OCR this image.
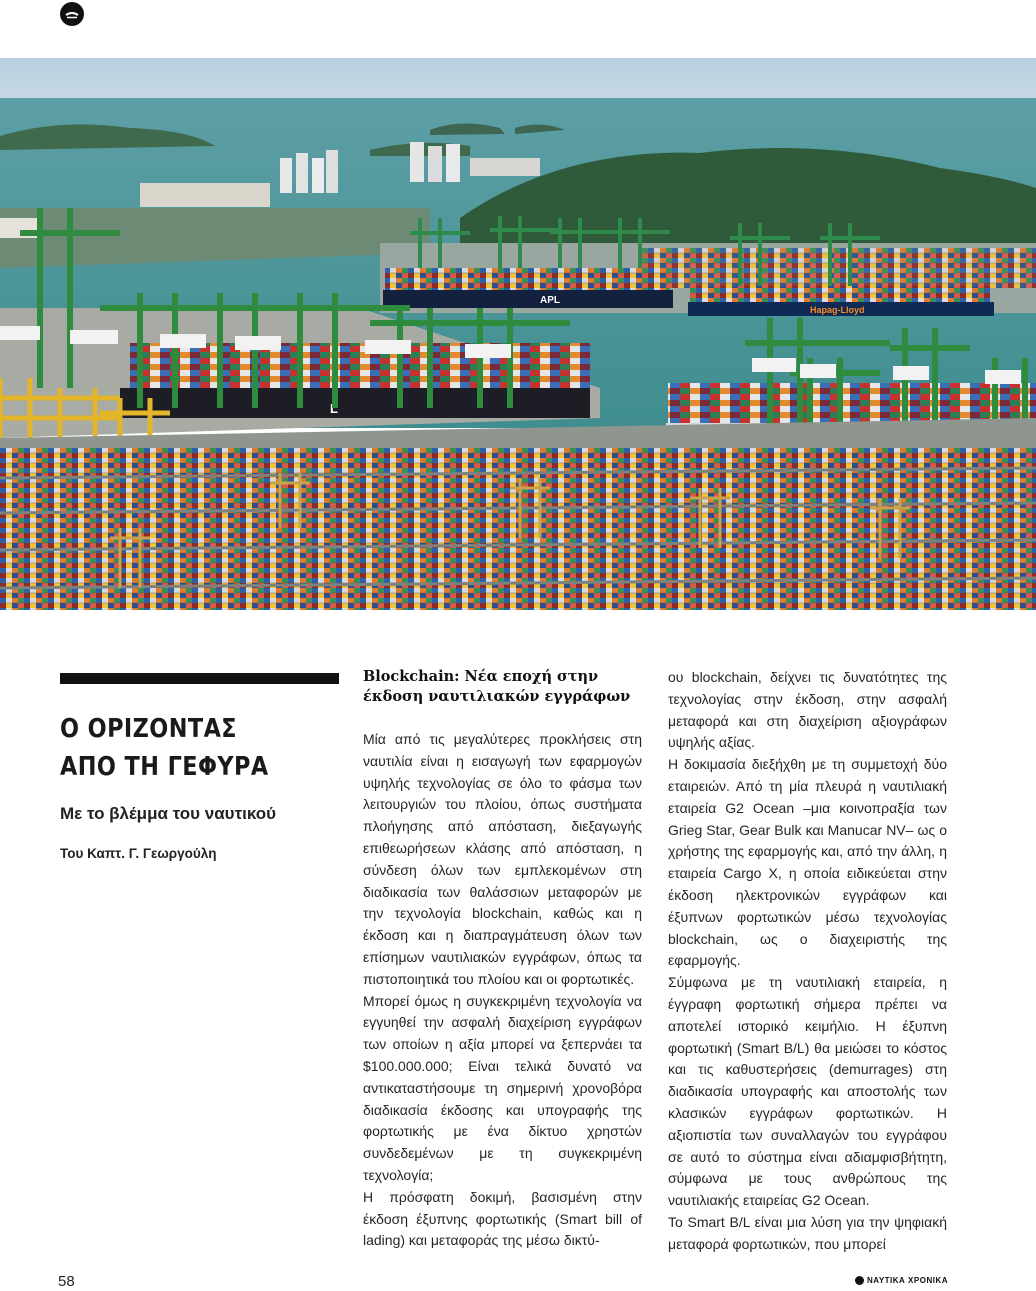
APL
Hapag-Lloyd
L
Ο ΟΡΙΖΟΝΤΑΣ
ΑΠΟ ΤΗ ΓΕΦΥΡΑ
Με το βλέμμα του ναυτικού
Του Καπτ. Γ. Γεωργούλη
Blockchain: Νέα εποχή στην
έκδοση ναυτιλιακών εγγράφων

Μία από τις μεγαλύτερες προκλήσεις στη ναυτιλία είναι η εισαγωγή των εφαρμογών υψηλής τεχνολογίας σε όλο το φάσμα των λειτουργιών του πλοίου, όπως συστήματα πλοήγησης από απόσταση, διεξαγωγής επιθεωρήσεων κλάσης από απόσταση, η σύνδεση όλων των εμπλεκομένων στη διαδικασία των θαλάσσιων μεταφορών με την τεχνολογία blockchain, καθώς και η έκδοση και η διαπραγμάτευση όλων των επίσημων ναυτιλιακών εγγράφων, όπως τα πιστοποιητικά του πλοίου και οι φορτωτικές.

Μπορεί όμως η συγκεκριμένη τεχνολογία να εγγυηθεί την ασφαλή διαχείριση εγγράφων των οποίων η αξία μπορεί να ξεπερνάει τα $100.000.000; Είναι τελικά δυνατό να αντικαταστήσουμε τη σημερινή χρονοβόρα διαδικασία έκδοσης και υπογραφής της φορτωτικής με ένα δίκτυο χρηστών συνδεδεμένων με τη συγκεκριμένη τεχνολογία;

Η πρόσφατη δοκιμή, βασισμένη στην έκδοση έξυπνης φορτωτικής (Smart bill of lading) και μεταφοράς της μέσω δικτύ-

ου blockchain, δείχνει τις δυνατότητες της τεχνολογίας στην έκδοση, στην ασφαλή μεταφορά και στη διαχείριση αξιογράφων υψηλής αξίας.

Η δοκιμασία διεξήχθη με τη συμμετοχή δύο εταιρειών. Από τη μία πλευρά η ναυτιλιακή εταιρεία G2 Ocean –μια κοινοπραξία των Grieg Star, Gear Bulk και Manucar NV– ως ο χρήστης της εφαρμογής και, από την άλλη, η εταιρεία Cargo X, η οποία ειδικεύεται στην έκδοση ηλεκτρονικών εγγράφων και έξυπνων φορτωτικών μέσω τεχνολογίας blockchain, ως ο διαχειριστής της εφαρμογής.

Σύμφωνα με τη ναυτιλιακή εταιρεία, η έγγραφη φορτωτική σήμερα πρέπει να αποτελεί ιστορικό κειμήλιο. Η έξυπνη φορτωτική (Smart B/L) θα μειώσει το κόστος και τις καθυστερήσεις (demurrages) στη διαδικασία υπογραφής και αποστολής των κλασικών εγγράφων φορτωτικών. Η αξιοπιστία των συναλλαγών του εγγράφου σε αυτό το σύστημα είναι αδιαμφισβήτητη, σύμφωνα με τους ανθρώπους της ναυτιλιακής εταιρείας G2 Ocean.

Το Smart B/L είναι μια λύση για την ψηφιακή μεταφορά φορτωτικών, που μπορεί

58	ΝΑΥΤΙΚΑ ΧΡΟΝΙΚΑ
